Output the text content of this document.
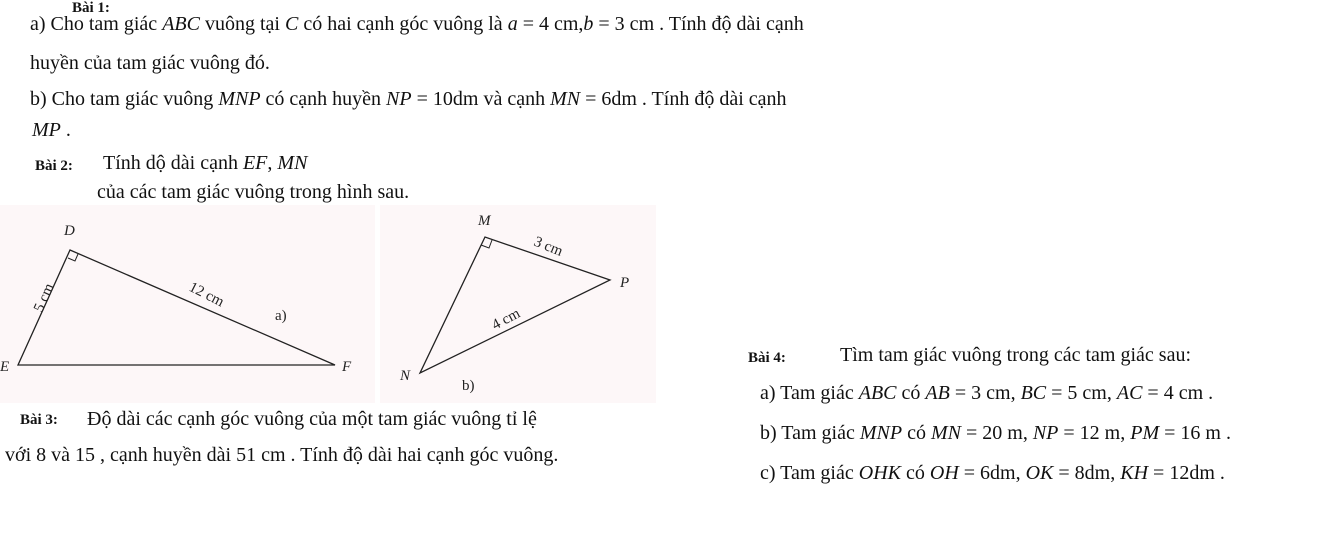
Bài 1:
a) Cho tam giác ABC vuông tại C có hai cạnh góc vuông là a = 4 cm,b = 3 cm . Tính độ dài cạnh
huyền của tam giác vuông đó.
b) Cho tam giác vuông MNP có cạnh huyền NP = 10dm và cạnh MN = 6dm . Tính độ dài cạnh
MP .
Bài 2: Tính dộ dài cạnh EF, MN
của các tam giác vuông trong hình sau.
D
E	F
5 cm	12 cm
a)
M
N
P
3 cm
4 cm
b)
Bài 3: Độ dài các cạnh góc vuông của một tam giác vuông tỉ lệ
với 8 và 15 , cạnh huyền dài 51 cm . Tính độ dài hai cạnh góc vuông.
Bài 4:	Tìm tam giác vuông trong các tam giác sau:
a) Tam giác ABC có AB = 3 cm, BC = 5 cm, AC = 4 cm .
b) Tam giác MNP có MN = 20 m, NP = 12 m, PM = 16 m .
c) Tam giác OHK có OH = 6dm, OK = 8dm, KH = 12dm .
